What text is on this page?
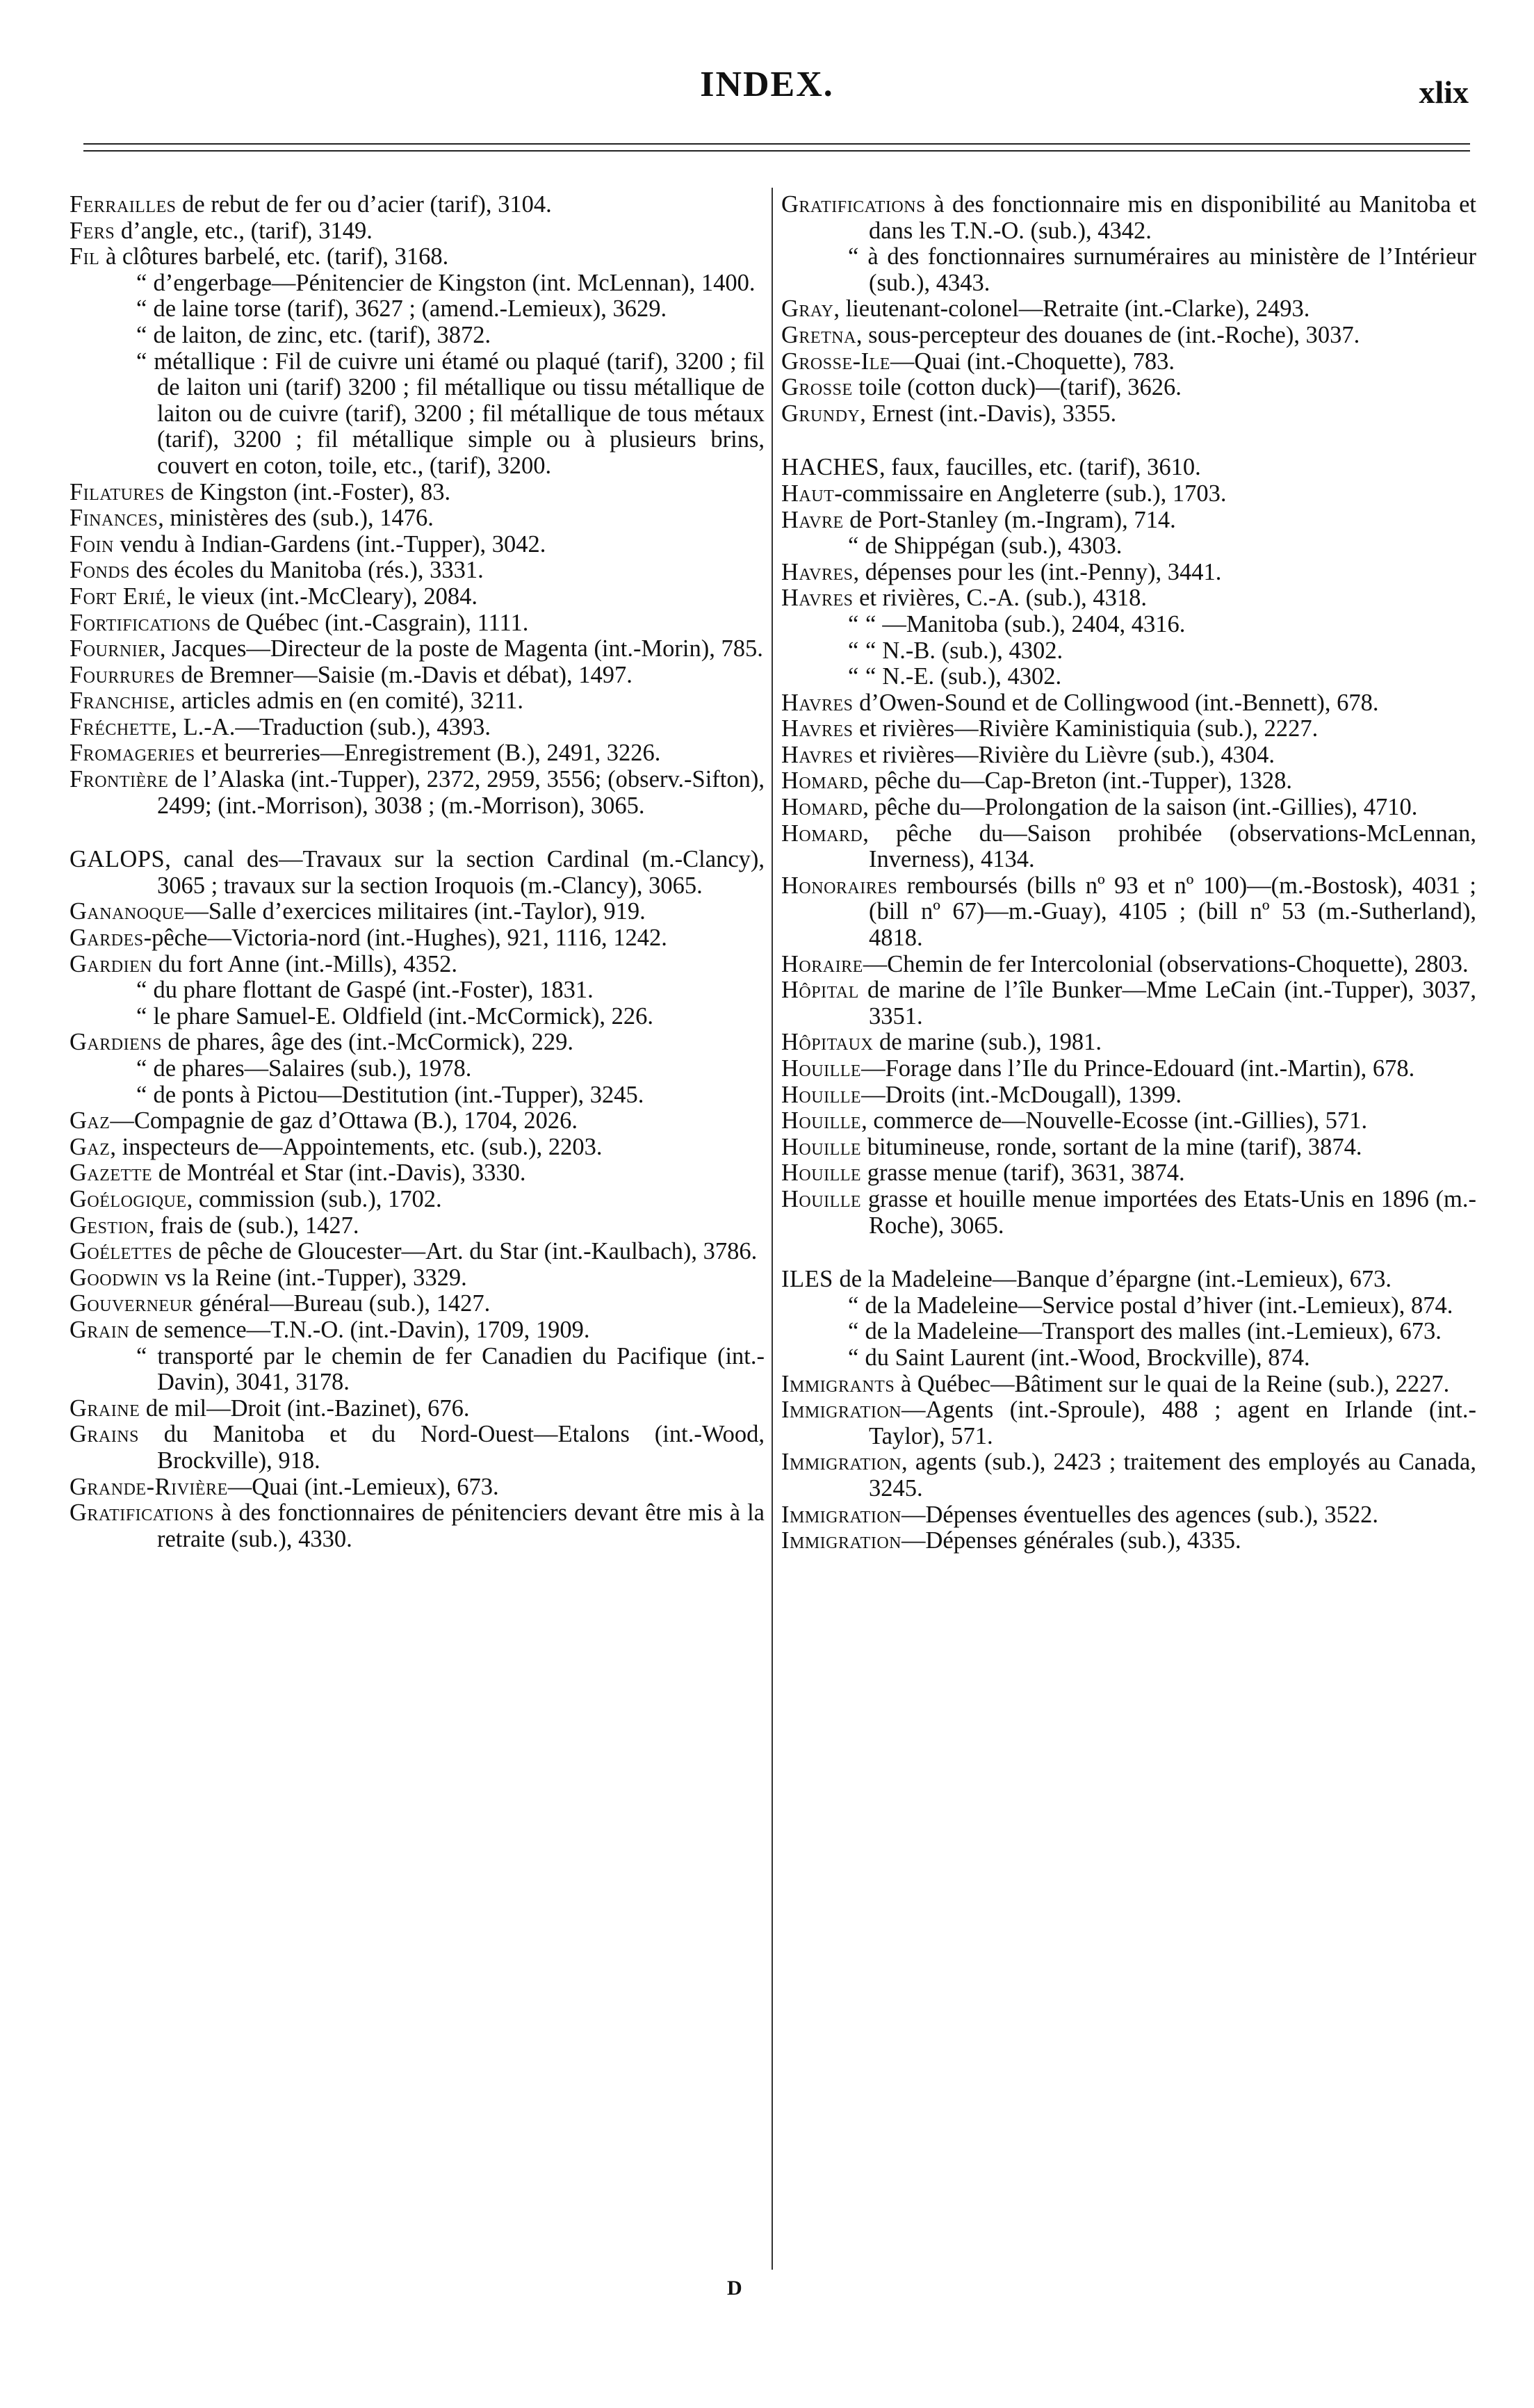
INDEX.	xlix
Ferrailles de rebut de fer ou d’acier (tarif), 3104.
Fers d’angle, etc., (tarif), 3149.
Fil à clôtures barbelé, etc. (tarif), 3168.
“ d’engerbage—Pénitencier de Kingston (int. McLennan), 1400.
“ de laine torse (tarif), 3627 ; (amend.-Lemieux), 3629.
“ de laiton, de zinc, etc. (tarif), 3872.
“ métallique : Fil de cuivre uni étamé ou plaqué (tarif), 3200 ; fil de laiton uni (tarif) 3200 ; fil métallique ou tissu métallique de laiton ou de cuivre (tarif), 3200 ; fil métallique de tous métaux (tarif), 3200 ; fil métallique simple ou à plusieurs brins, couvert en coton, toile, etc., (tarif), 3200.
Filatures de Kingston (int.-Foster), 83.
Finances, ministères des (sub.), 1476.
Foin vendu à Indian-Gardens (int.-Tupper), 3042.
Fonds des écoles du Manitoba (rés.), 3331.
Fort Erié, le vieux (int.-McCleary), 2084.
Fortifications de Québec (int.-Casgrain), 1111.
Fournier, Jacques—Directeur de la poste de Magenta (int.-Morin), 785.
Fourrures de Bremner—Saisie (m.-Davis et débat), 1497.
Franchise, articles admis en (en comité), 3211.
Fréchette, L.-A.—Traduction (sub.), 4393.
Fromageries et beurreries—Enregistrement (B.), 2491, 3226.
Frontière de l’Alaska (int.-Tupper), 2372, 2959, 3556; (observ.-Sifton), 2499; (int.-Morrison), 3038 ; (m.-Morrison), 3065.
GALOPS, canal des—Travaux sur la section Cardinal (m.-Clancy), 3065 ; travaux sur la section Iroquois (m.-Clancy), 3065.
Gananoque—Salle d’exercices militaires (int.-Taylor), 919.
Gardes-pêche—Victoria-nord (int.-Hughes), 921, 1116, 1242.
Gardien du fort Anne (int.-Mills), 4352.
“ du phare flottant de Gaspé (int.-Foster), 1831.
“ le phare Samuel-E. Oldfield (int.-McCormick), 226.
Gardiens de phares, âge des (int.-McCormick), 229.
“ de phares—Salaires (sub.), 1978.
“ de ponts à Pictou—Destitution (int.-Tupper), 3245.
Gaz—Compagnie de gaz d’Ottawa (B.), 1704, 2026.
Gaz, inspecteurs de—Appointements, etc. (sub.), 2203.
Gazette de Montréal et Star (int.-Davis), 3330.
Goélogique, commission (sub.), 1702.
Gestion, frais de (sub.), 1427.
Goélettes de pêche de Gloucester—Art. du Star (int.-Kaulbach), 3786.
Goodwin vs la Reine (int.-Tupper), 3329.
Gouverneur général—Bureau (sub.), 1427.
Grain de semence—T.N.-O. (int.-Davin), 1709, 1909.
“ transporté par le chemin de fer Canadien du Pacifique (int.-Davin), 3041, 3178.
Graine de mil—Droit (int.-Bazinet), 676.
Grains du Manitoba et du Nord-Ouest—Etalons (int.-Wood, Brockville), 918.
Grande-Rivière—Quai (int.-Lemieux), 673.
Gratifications à des fonctionnaires de pénitenciers devant être mis à la retraite (sub.), 4330.
Gratifications à des fonctionnaire mis en disponibilité au Manitoba et dans les T.N.-O. (sub.), 4342.
“ à des fonctionnaires surnuméraires au ministère de l’Intérieur (sub.), 4343.
Gray, lieutenant-colonel—Retraite (int.-Clarke), 2493.
Gretna, sous-percepteur des douanes de (int.-Roche), 3037.
Grosse-Ile—Quai (int.-Choquette), 783.
Grosse toile (cotton duck)—(tarif), 3626.
Grundy, Ernest (int.-Davis), 3355.
HACHES, faux, faucilles, etc. (tarif), 3610.
Haut-commissaire en Angleterre (sub.), 1703.
Havre de Port-Stanley (m.-Ingram), 714.
“ de Shippégan (sub.), 4303.
Havres, dépenses pour les (int.-Penny), 3441.
Havres et rivières, C.-A. (sub.), 4318.
“ “ —Manitoba (sub.), 2404, 4316.
“ “ N.-B. (sub.), 4302.
“ “ N.-E. (sub.), 4302.
Havres d’Owen-Sound et de Collingwood (int.-Bennett), 678.
Havres et rivières—Rivière Kaministiquia (sub.), 2227.
Havres et rivières—Rivière du Lièvre (sub.), 4304.
Homard, pêche du—Cap-Breton (int.-Tupper), 1328.
Homard, pêche du—Prolongation de la saison (int.-Gillies), 4710.
Homard, pêche du—Saison prohibée (observations-McLennan, Inverness), 4134.
Honoraires remboursés (bills nº 93 et nº 100)—(m.-Bostosk), 4031 ; (bill nº 67)—m.-Guay), 4105 ; (bill nº 53 (m.-Sutherland), 4818.
Horaire—Chemin de fer Intercolonial (observations-Choquette), 2803.
Hôpital de marine de l’île Bunker—Mme LeCain (int.-Tupper), 3037, 3351.
Hôpitaux de marine (sub.), 1981.
Houille—Forage dans l’Ile du Prince-Edouard (int.-Martin), 678.
Houille—Droits (int.-McDougall), 1399.
Houille, commerce de—Nouvelle-Ecosse (int.-Gillies), 571.
Houille bitumineuse, ronde, sortant de la mine (tarif), 3874.
Houille grasse menue (tarif), 3631, 3874.
Houille grasse et houille menue importées des Etats-Unis en 1896 (m.-Roche), 3065.
ILES de la Madeleine—Banque d’épargne (int.-Lemieux), 673.
“ de la Madeleine—Service postal d’hiver (int.-Lemieux), 874.
“ de la Madeleine—Transport des malles (int.-Lemieux), 673.
“ du Saint Laurent (int.-Wood, Brockville), 874.
Immigrants à Québec—Bâtiment sur le quai de la Reine (sub.), 2227.
Immigration—Agents (int.-Sproule), 488 ; agent en Irlande (int.-Taylor), 571.
Immigration, agents (sub.), 2423 ; traitement des employés au Canada, 3245.
Immigration—Dépenses éventuelles des agences (sub.), 3522.
Immigration—Dépenses générales (sub.), 4335.
D
